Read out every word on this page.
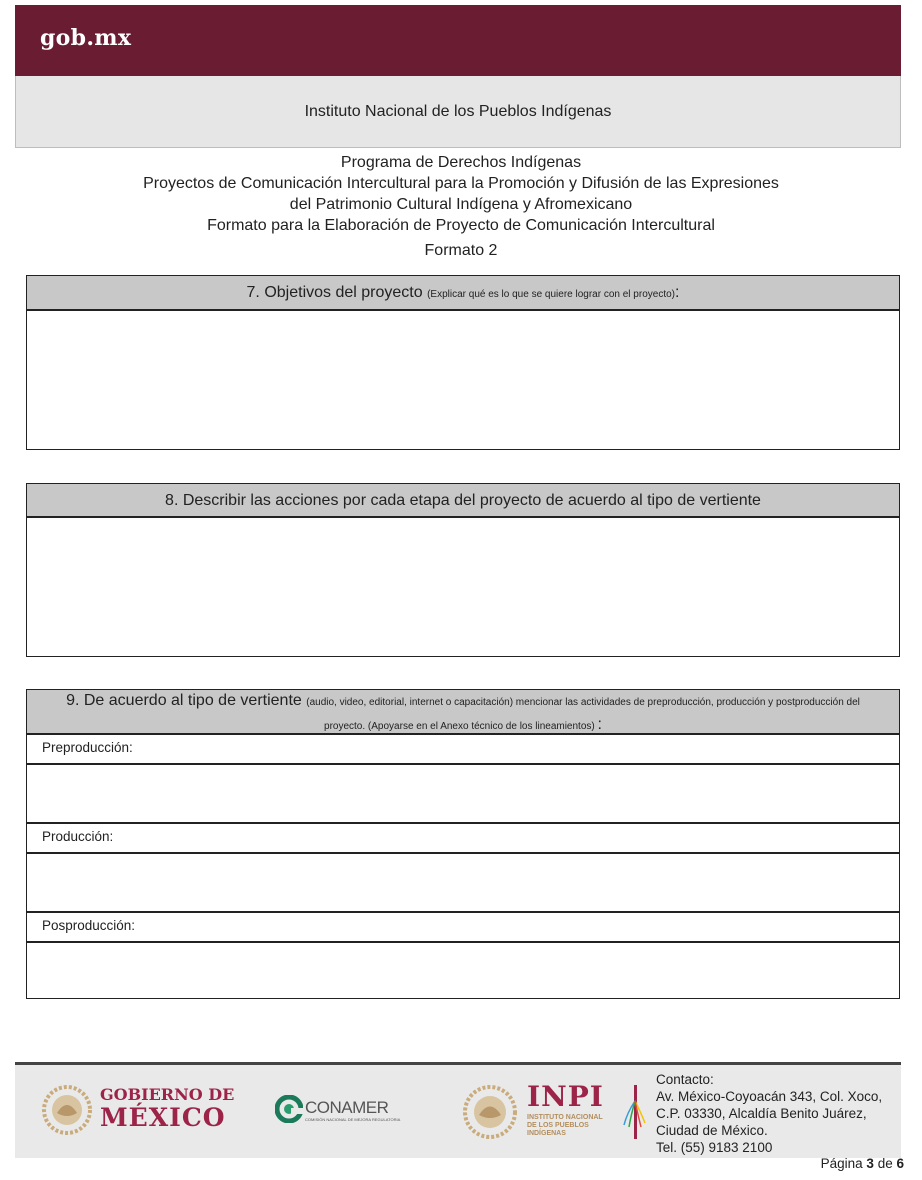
gob.mx
Instituto Nacional de los Pueblos Indígenas
Programa de Derechos Indígenas
Proyectos de Comunicación Intercultural para la Promoción y Difusión de las Expresiones
del Patrimonio Cultural Indígena y Afromexicano
Formato para la Elaboración de Proyecto de Comunicación Intercultural
Formato 2
7. Objetivos del proyecto (Explicar qué es lo que se quiere lograr con el proyecto):
8. Describir las acciones por cada etapa del proyecto de acuerdo al tipo de vertiente
9. De acuerdo al tipo de vertiente (audio, video, editorial, internet o capacitación) mencionar las actividades de preproducción, producción y postproducción del proyecto. (Apoyarse en el Anexo técnico de los lineamientos) :
Preproducción:
Producción:
Posproducción:
GOBIERNO DE
MÉXICO	CONAMER
COMISIÓN NACIONAL DE MEJORA REGULATORIA
INPI
INSTITUTO NACIONAL
DE LOS PUEBLOS
INDÍGENAS
Contacto:
Av. México-Coyoacán 343, Col. Xoco,
C.P. 03330, Alcaldía Benito Juárez,
Ciudad de México.
Tel. (55) 9183 2100
Página 3 de 6
